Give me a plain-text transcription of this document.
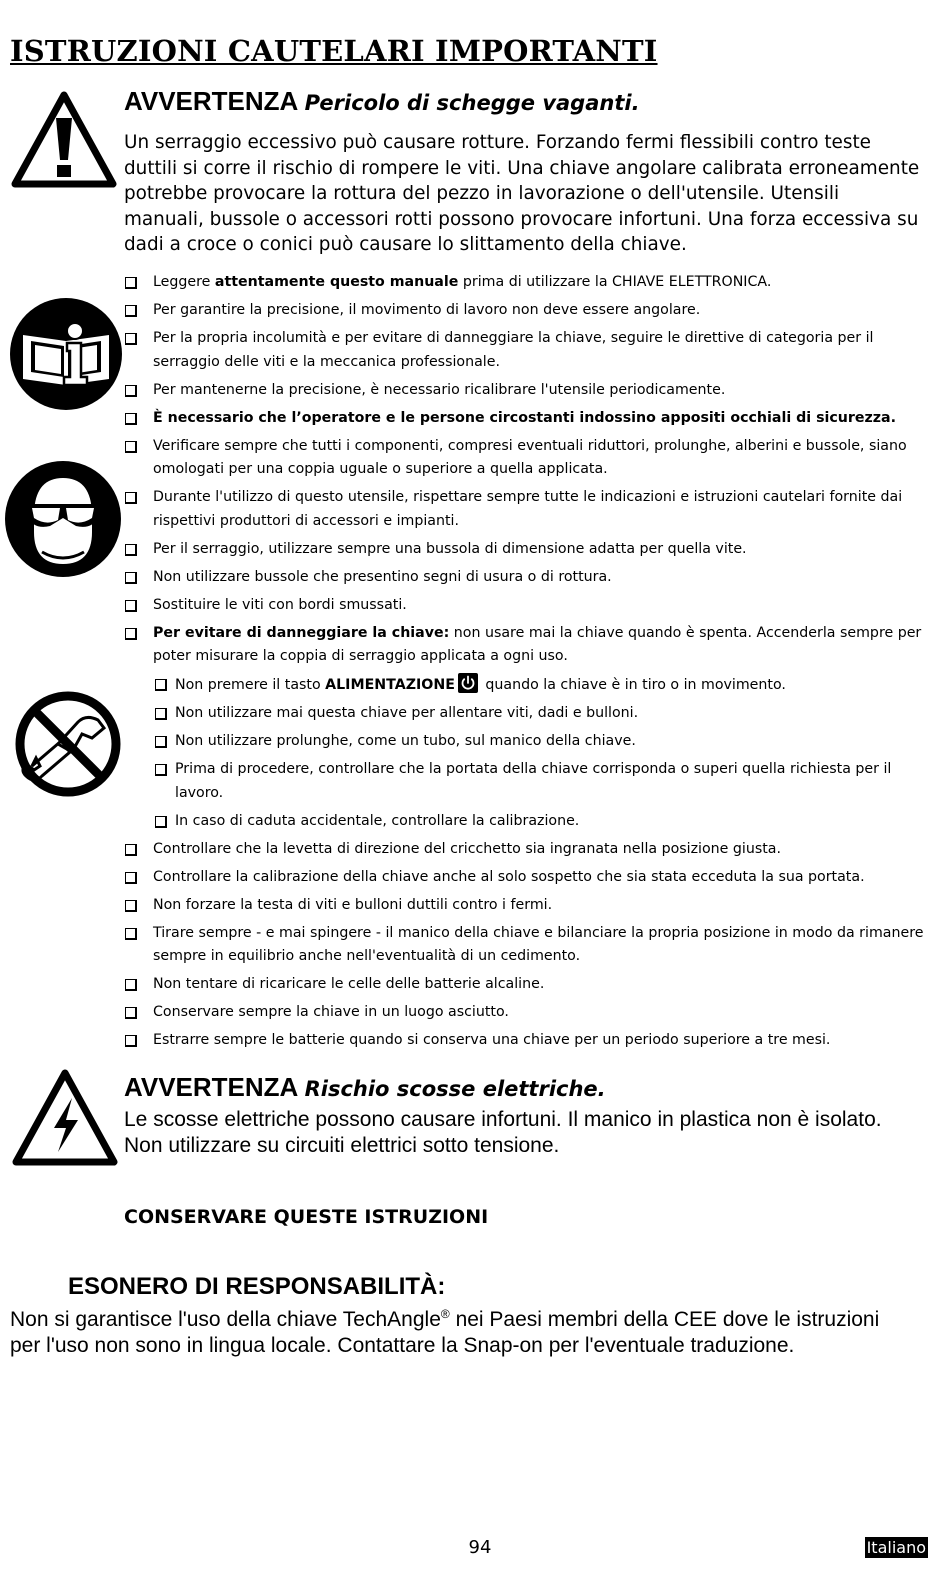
ISTRUZIONI CAUTELARI IMPORTANTI
AVVERTENZA Pericolo di schegge vaganti.

Un serraggio eccessivo può causare rotture. Forzando fermi flessibili contro teste duttili si corre il rischio di rompere le viti. Una chiave angolare calibrata erroneamente potrebbe provocare la rottura del pezzo in lavorazione o dell'utensile. Utensili manuali, bussole o accessori rotti possono provocare infortuni. Una forza eccessiva su dadi a croce o conici può causare lo slittamento della chiave.

Leggere attentamente questo manuale prima di utilizzare la CHIAVE ELETTRONICA.
Per garantire la precisione, il movimento di lavoro non deve essere angolare.
Per la propria incolumità e per evitare di danneggiare la chiave, seguire le direttive di categoria per il serraggio delle viti e la meccanica professionale.
Per mantenerne la precisione, è necessario ricalibrare l'utensile periodicamente.
È necessario che l’operatore e le persone circostanti indossino appositi occhiali di sicurezza.
Verificare sempre che tutti i componenti, compresi eventuali riduttori, prolunghe, alberini e bussole, siano omologati per una coppia uguale o superiore a quella applicata.
Durante l'utilizzo di questo utensile, rispettare sempre tutte le indicazioni e istruzioni cautelari fornite dai rispettivi produttori di accessori e impianti.
Per il serraggio, utilizzare sempre una bussola di dimensione adatta per quella vite.
Non utilizzare bussole che presentino segni di usura o di rottura.
Sostituire le viti con bordi smussati.
Per evitare di danneggiare la chiave: non usare mai la chiave quando è spenta. Accenderla sempre per poter misurare la coppia di serraggio applicata a ogni uso.
Non premere il tasto ALIMENTAZIONE quando la chiave è in tiro o in movimento.
Non utilizzare mai questa chiave per allentare viti, dadi e bulloni.
Non utilizzare prolunghe, come un tubo, sul manico della chiave.
Prima di procedere, controllare che la portata della chiave corrisponda o superi quella richiesta per il lavoro.
In caso di caduta accidentale, controllare la calibrazione.
Controllare che la levetta di direzione del cricchetto sia ingranata nella posizione giusta.
Controllare la calibrazione della chiave anche al solo sospetto che sia stata ecceduta la sua portata.
Non forzare la testa di viti e bulloni duttili contro i fermi.
Tirare sempre - e mai spingere - il manico della chiave e bilanciare la propria posizione in modo da rimanere sempre in equilibrio anche nell'eventualità di un cedimento.
Non tentare di ricaricare le celle delle batterie alcaline.
Conservare sempre la chiave in un luogo asciutto.
Estrarre sempre le batterie quando si conserva una chiave per un periodo superiore a tre mesi.
AVVERTENZA Rischio scosse elettriche.
Le scosse elettriche possono causare infortuni. Il manico in plastica non è isolato.
Non utilizzare su circuiti elettrici sotto tensione.

CONSERVARE QUESTE ISTRUZIONI

ESONERO DI RESPONSABILITÀ:

Non si garantisce l'uso della chiave TechAngle® nei Paesi membri della CEE dove le istruzioni per l'uso non sono in lingua locale. Contattare la Snap-on per l'eventuale traduzione.

94	Italiano
